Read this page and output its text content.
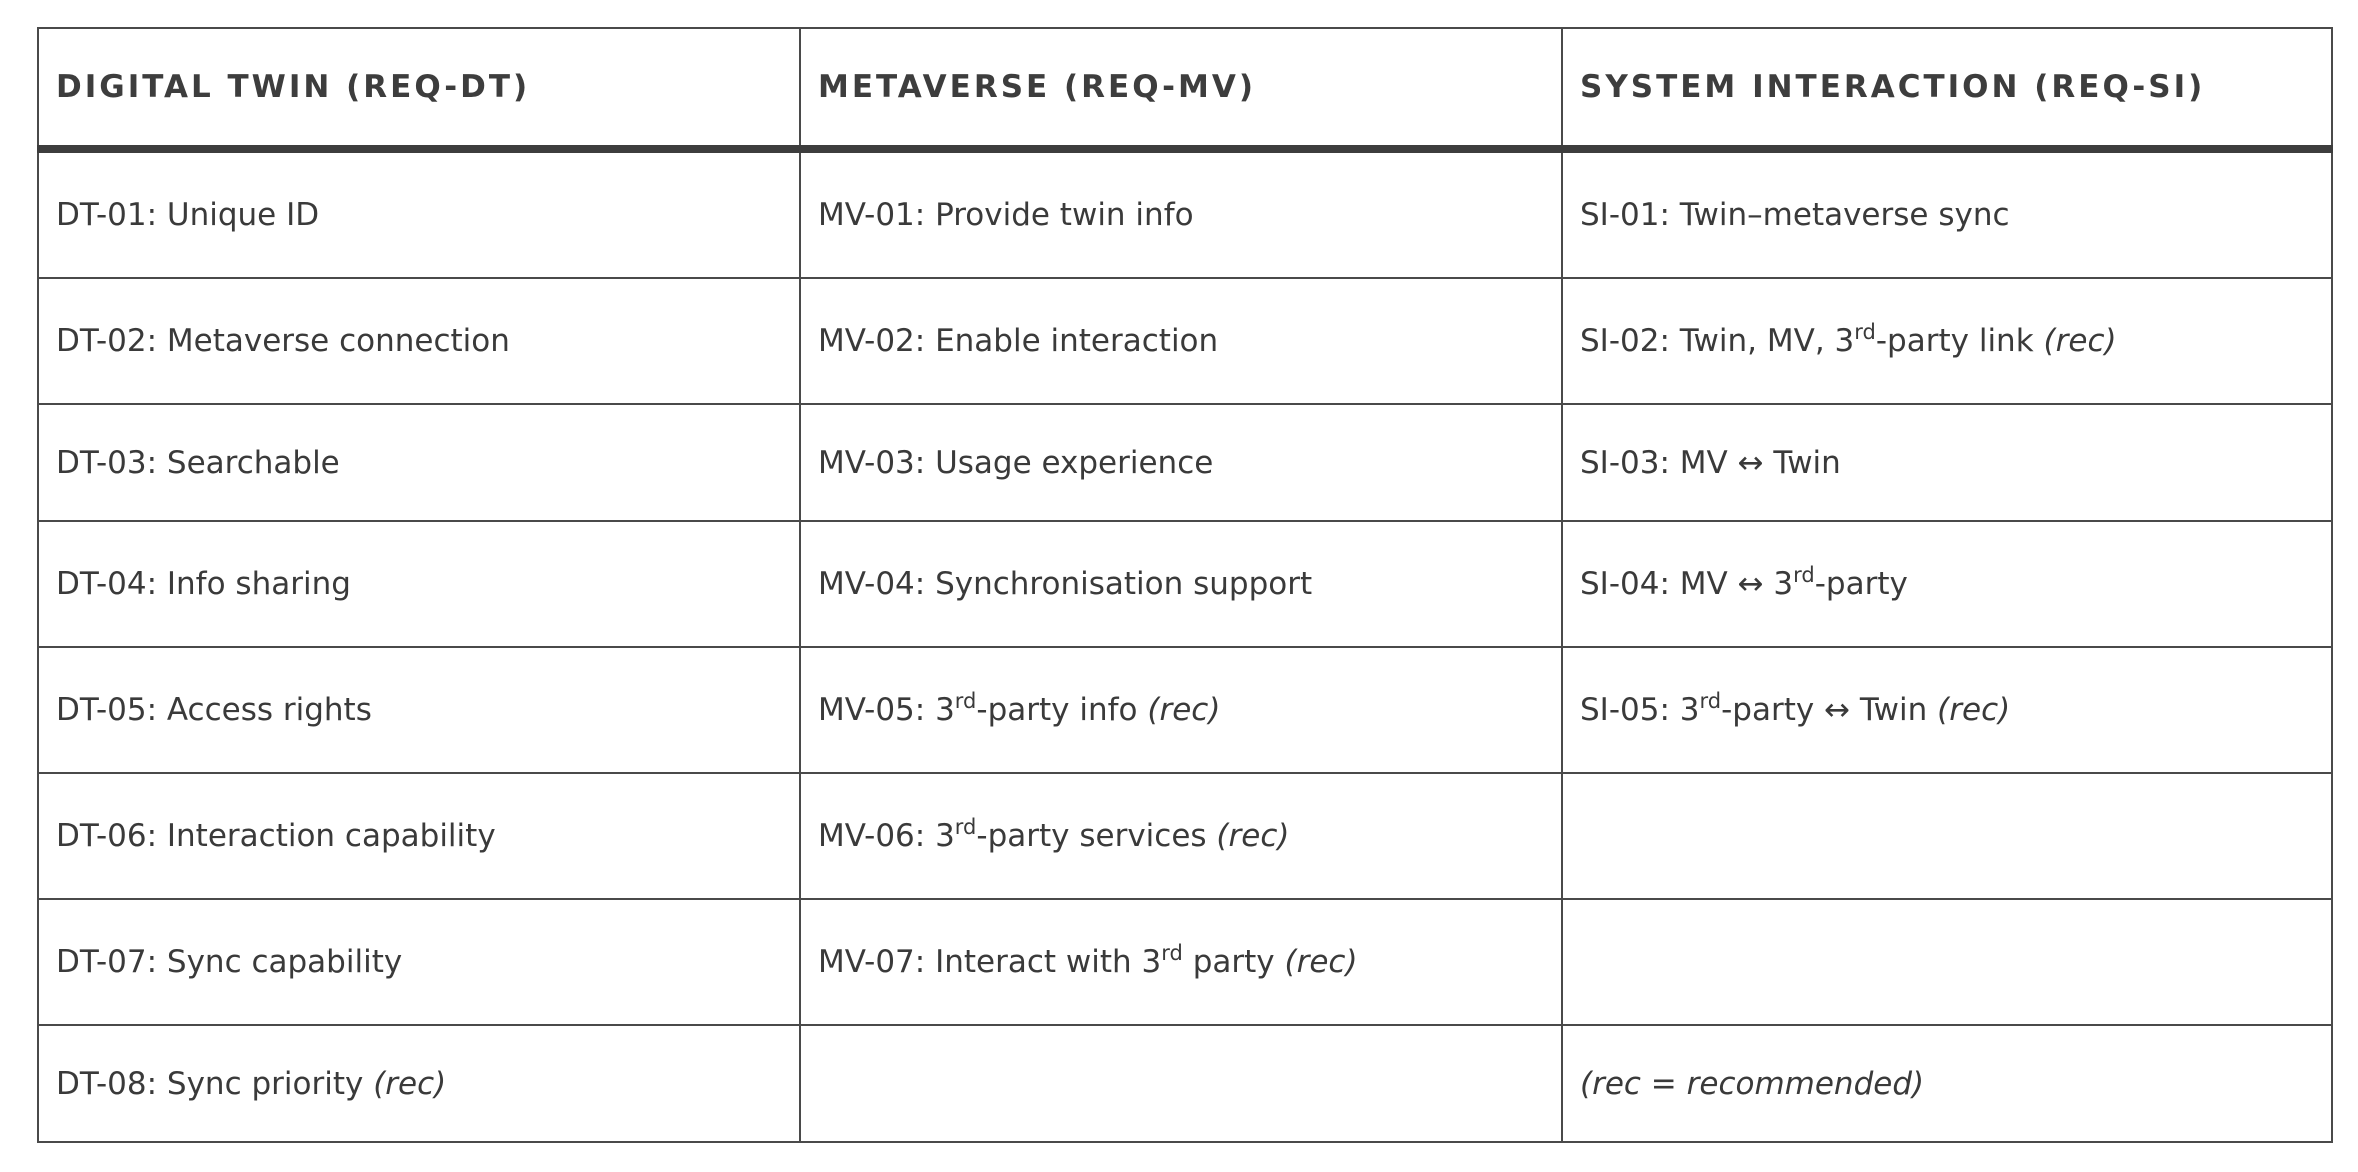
DIGITAL TWIN (REQ-DT)	METAVERSE (REQ-MV)	SYSTEM INTERACTION (REQ-SI)
DT-01: Unique ID	MV-01: Provide twin info	SI-01: Twin–metaverse sync
DT-02: Metaverse connection	MV-02: Enable interaction	SI-02: Twin, MV, 3rd-party link (rec)
DT-03: Searchable	MV-03: Usage experience	SI-03: MV ↔ Twin
DT-04: Info sharing	MV-04: Synchronisation support	SI-04: MV ↔ 3rd-party
DT-05: Access rights	MV-05: 3rd-party info (rec)	SI-05: 3rd-party ↔ Twin (rec)
DT-06: Interaction capability	MV-06: 3rd-party services (rec)	
DT-07: Sync capability	MV-07: Interact with 3rd party (rec)	
DT-08: Sync priority (rec)		(rec = recommended)
